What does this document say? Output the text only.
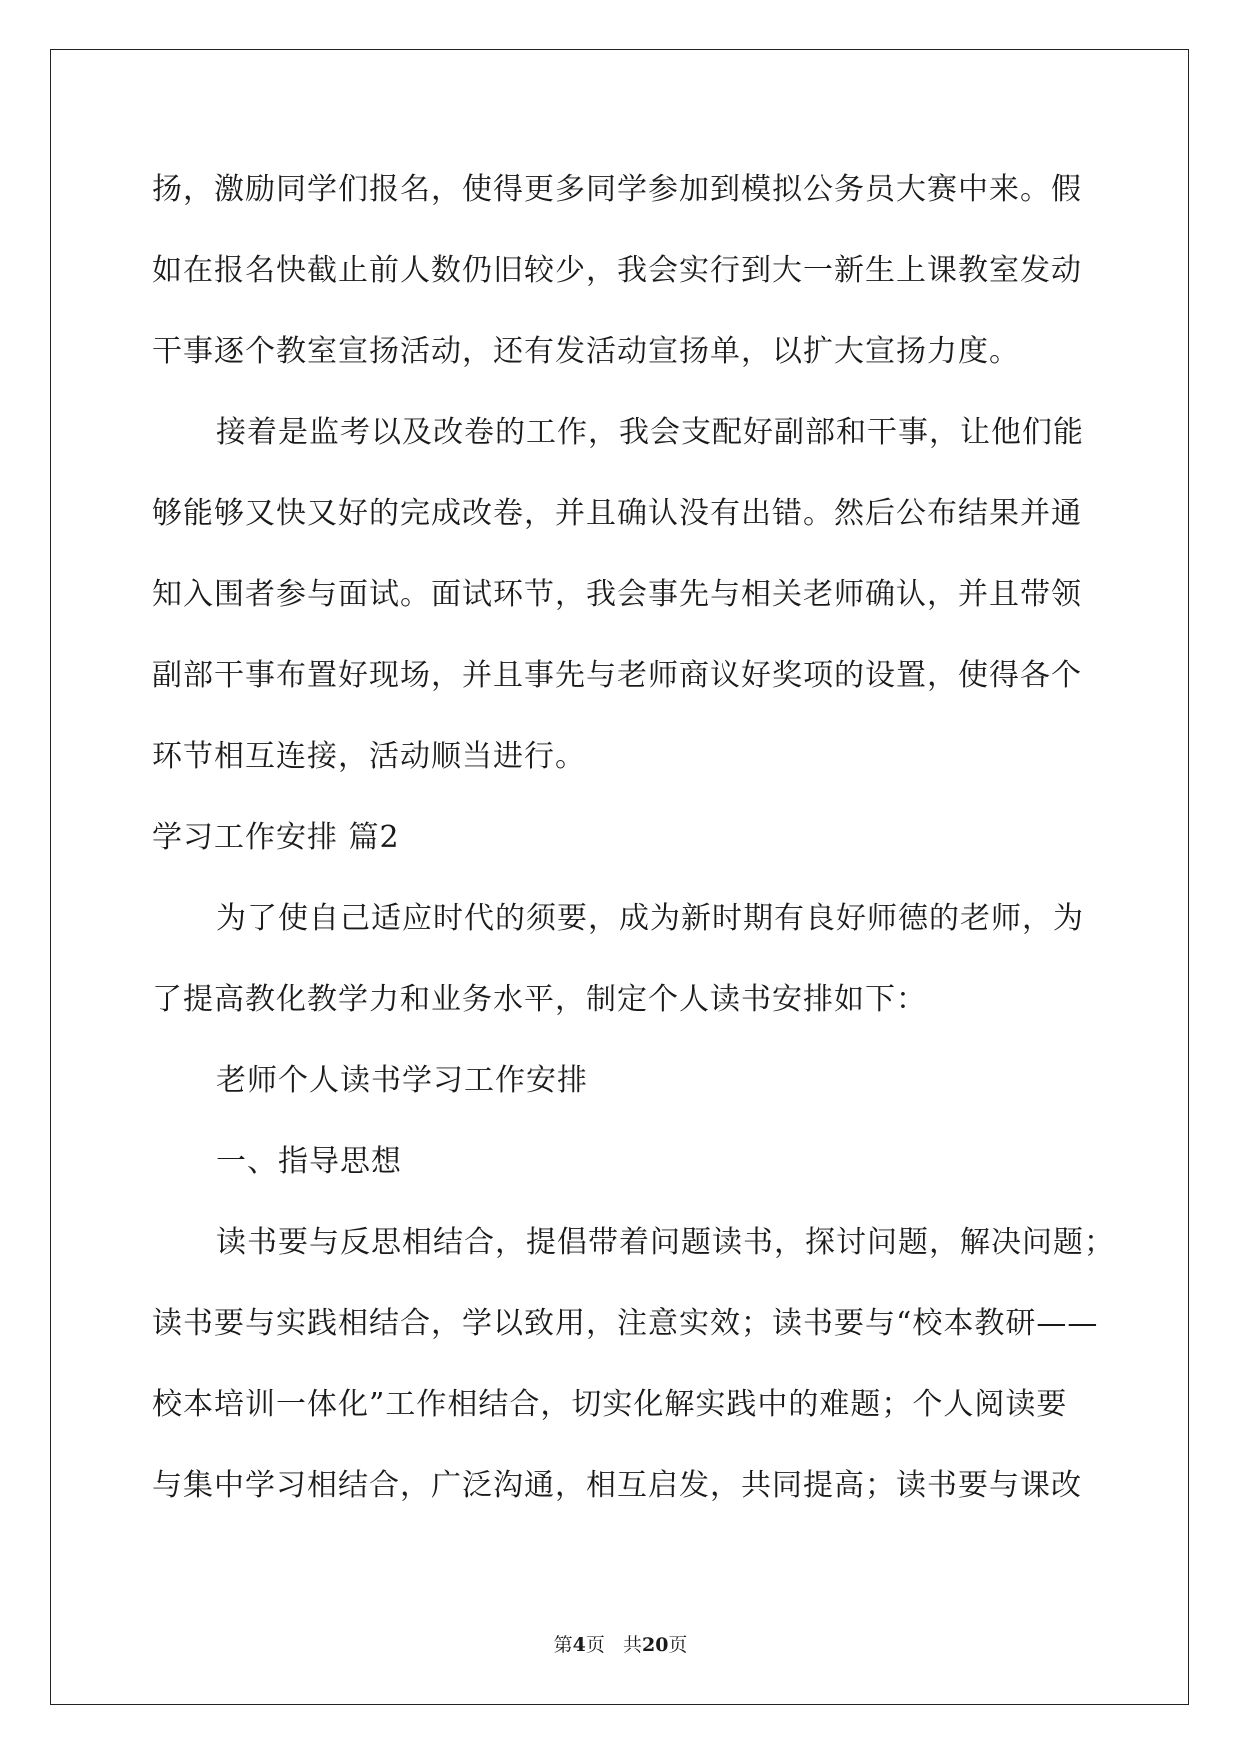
扬，激励同学们报名，使得更多同学参加到模拟公务员大赛中来。假
如在报名快截止前人数仍旧较少，我会实行到大一新生上课教室发动
干事逐个教室宣扬活动，还有发活动宣扬单，以扩大宣扬力度。
接着是监考以及改卷的工作，我会支配好副部和干事，让他们能
够能够又快又好的完成改卷，并且确认没有出错。然后公布结果并通
知入围者参与面试。面试环节，我会事先与相关老师确认，并且带领
副部干事布置好现场，并且事先与老师商议好奖项的设置，使得各个
环节相互连接，活动顺当进行。
学习工作安排 篇2
为了使自己适应时代的须要，成为新时期有良好师德的老师，为
了提高教化教学力和业务水平，制定个人读书安排如下：
老师个人读书学习工作安排
一、指导思想
读书要与反思相结合，提倡带着问题读书，探讨问题，解决问题；
读书要与实践相结合，学以致用，注意实效；读书要与“校本教研——
校本培训一体化”工作相结合，切实化解实践中的难题；个人阅读要
与集中学习相结合，广泛沟通，相互启发，共同提高；读书要与课改
第4页 共20页
